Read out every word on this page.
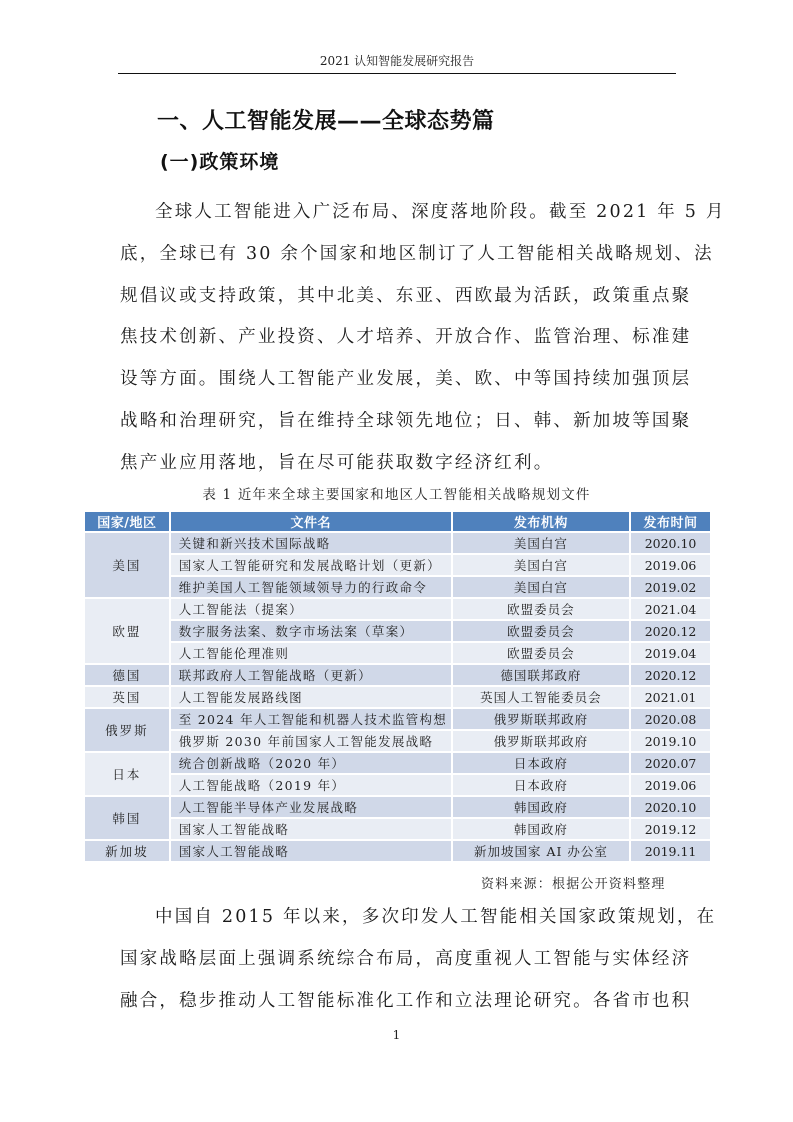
2021 认知智能发展研究报告
一、人工智能发展——全球态势篇
(一)政策环境
全球人工智能进入广泛布局、深度落地阶段。截至 2021 年 5 月
底，全球已有 30 余个国家和地区制订了人工智能相关战略规划、法
规倡议或支持政策，其中北美、东亚、西欧最为活跃，政策重点聚
焦技术创新、产业投资、人才培养、开放合作、监管治理、标准建
设等方面。围绕人工智能产业发展，美、欧、中等国持续加强顶层
战略和治理研究，旨在维持全球领先地位；日、韩、新加坡等国聚
焦产业应用落地，旨在尽可能获取数字经济红利。
表 1 近年来全球主要国家和地区人工智能相关战略规划文件
国家/地区	文件名	发布机构	发布时间
美国	关键和新兴技术国际战略	美国白宫	2020.10
	国家人工智能研究和发展战略计划（更新）	美国白宫	2019.06
	维护美国人工智能领域领导力的行政命令	美国白宫	2019.02
欧盟	人工智能法（提案）	欧盟委员会	2021.04
	数字服务法案、数字市场法案（草案）	欧盟委员会	2020.12
	人工智能伦理准则	欧盟委员会	2019.04
德国	联邦政府人工智能战略（更新）	德国联邦政府	2020.12
英国	人工智能发展路线图	英国人工智能委员会	2021.01
俄罗斯	至 2024 年人工智能和机器人技术监管构想	俄罗斯联邦政府	2020.08
	俄罗斯 2030 年前国家人工智能发展战略	俄罗斯联邦政府	2019.10
日本	统合创新战略（2020 年）	日本政府	2020.07
	人工智能战略（2019 年）	日本政府	2019.06
韩国	人工智能半导体产业发展战略	韩国政府	2020.10
	国家人工智能战略	韩国政府	2019.12
新加坡	国家人工智能战略	新加坡国家 AI 办公室	2019.11
资料来源：根据公开资料整理
中国自 2015 年以来，多次印发人工智能相关国家政策规划，在
国家战略层面上强调系统综合布局，高度重视人工智能与实体经济
融合，稳步推动人工智能标准化工作和立法理论研究。各省市也积
1
